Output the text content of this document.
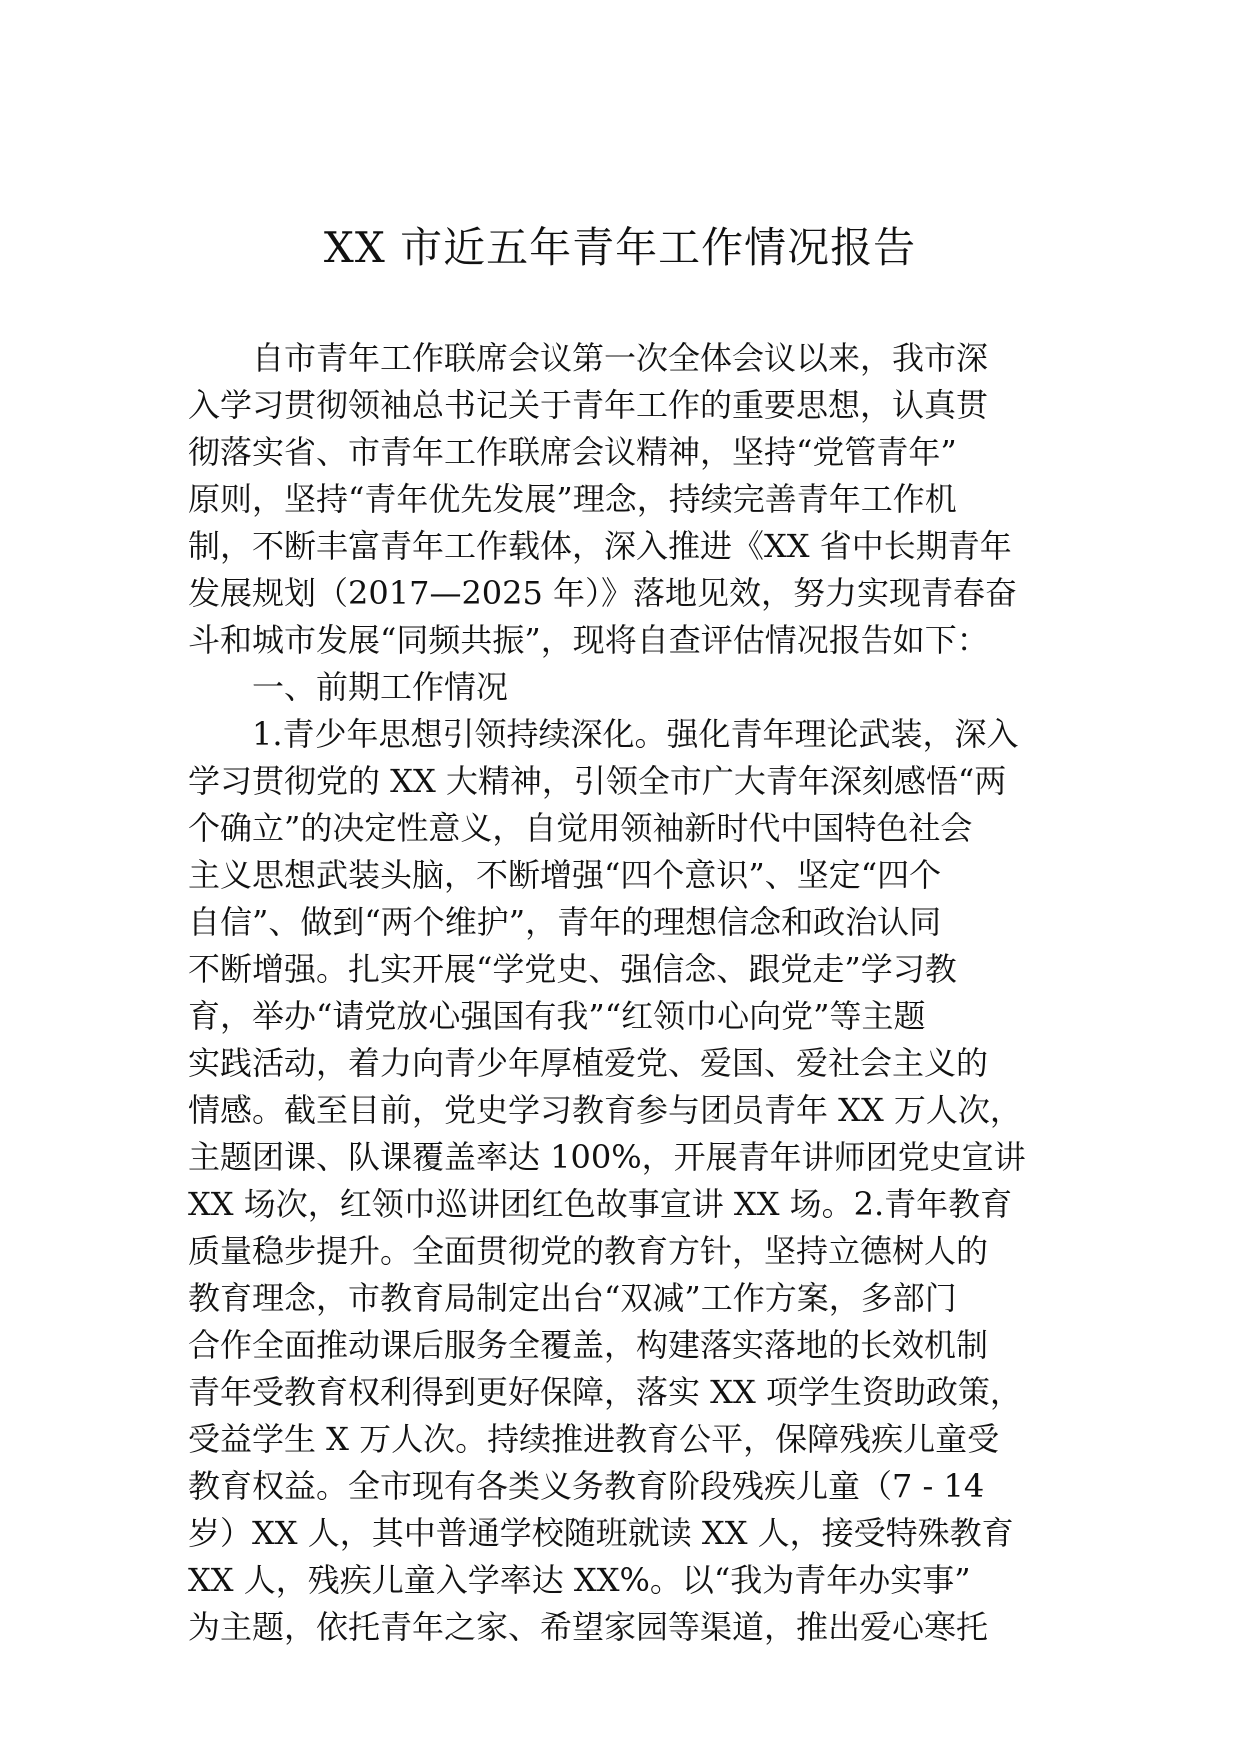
XX 市近五年青年工作情况报告
自市青年工作联席会议第一次全体会议以来，我市深
入学习贯彻领袖总书记关于青年工作的重要思想，认真贯
彻落实省、市青年工作联席会议精神，坚持“党管青年”
原则，坚持“青年优先发展”理念，持续完善青年工作机
制，不断丰富青年工作载体，深入推进《XX 省中长期青年
发展规划（2017—2025 年）》落地见效，努力实现青春奋
斗和城市发展“同频共振”，现将自查评估情况报告如下：
一、前期工作情况
1.青少年思想引领持续深化。强化青年理论武装，深入
学习贯彻党的 XX 大精神，引领全市广大青年深刻感悟“两
个确立”的决定性意义，自觉用领袖新时代中国特色社会
主义思想武装头脑，不断增强“四个意识”、坚定“四个
自信”、做到“两个维护”，青年的理想信念和政治认同
不断增强。扎实开展“学党史、强信念、跟党走”学习教
育，举办“请党放心强国有我”“红领巾心向党”等主题
实践活动，着力向青少年厚植爱党、爱国、爱社会主义的
情感。截至目前，党史学习教育参与团员青年 XX 万人次，
主题团课、队课覆盖率达 100%，开展青年讲师团党史宣讲
XX 场次，红领巾巡讲团红色故事宣讲 XX 场。2.青年教育
质量稳步提升。全面贯彻党的教育方针，坚持立德树人的
教育理念，市教育局制定出台“双减”工作方案，多部门
合作全面推动课后服务全覆盖，构建落实落地的长效机制
青年受教育权利得到更好保障，落实 XX 项学生资助政策，
受益学生 X 万人次。持续推进教育公平，保障残疾儿童受
教育权益。全市现有各类义务教育阶段残疾儿童（7 - 14
岁）XX 人，其中普通学校随班就读 XX 人，接受特殊教育
XX 人，残疾儿童入学率达 XX%。以“我为青年办实事”
为主题，依托青年之家、希望家园等渠道，推出爱心寒托
